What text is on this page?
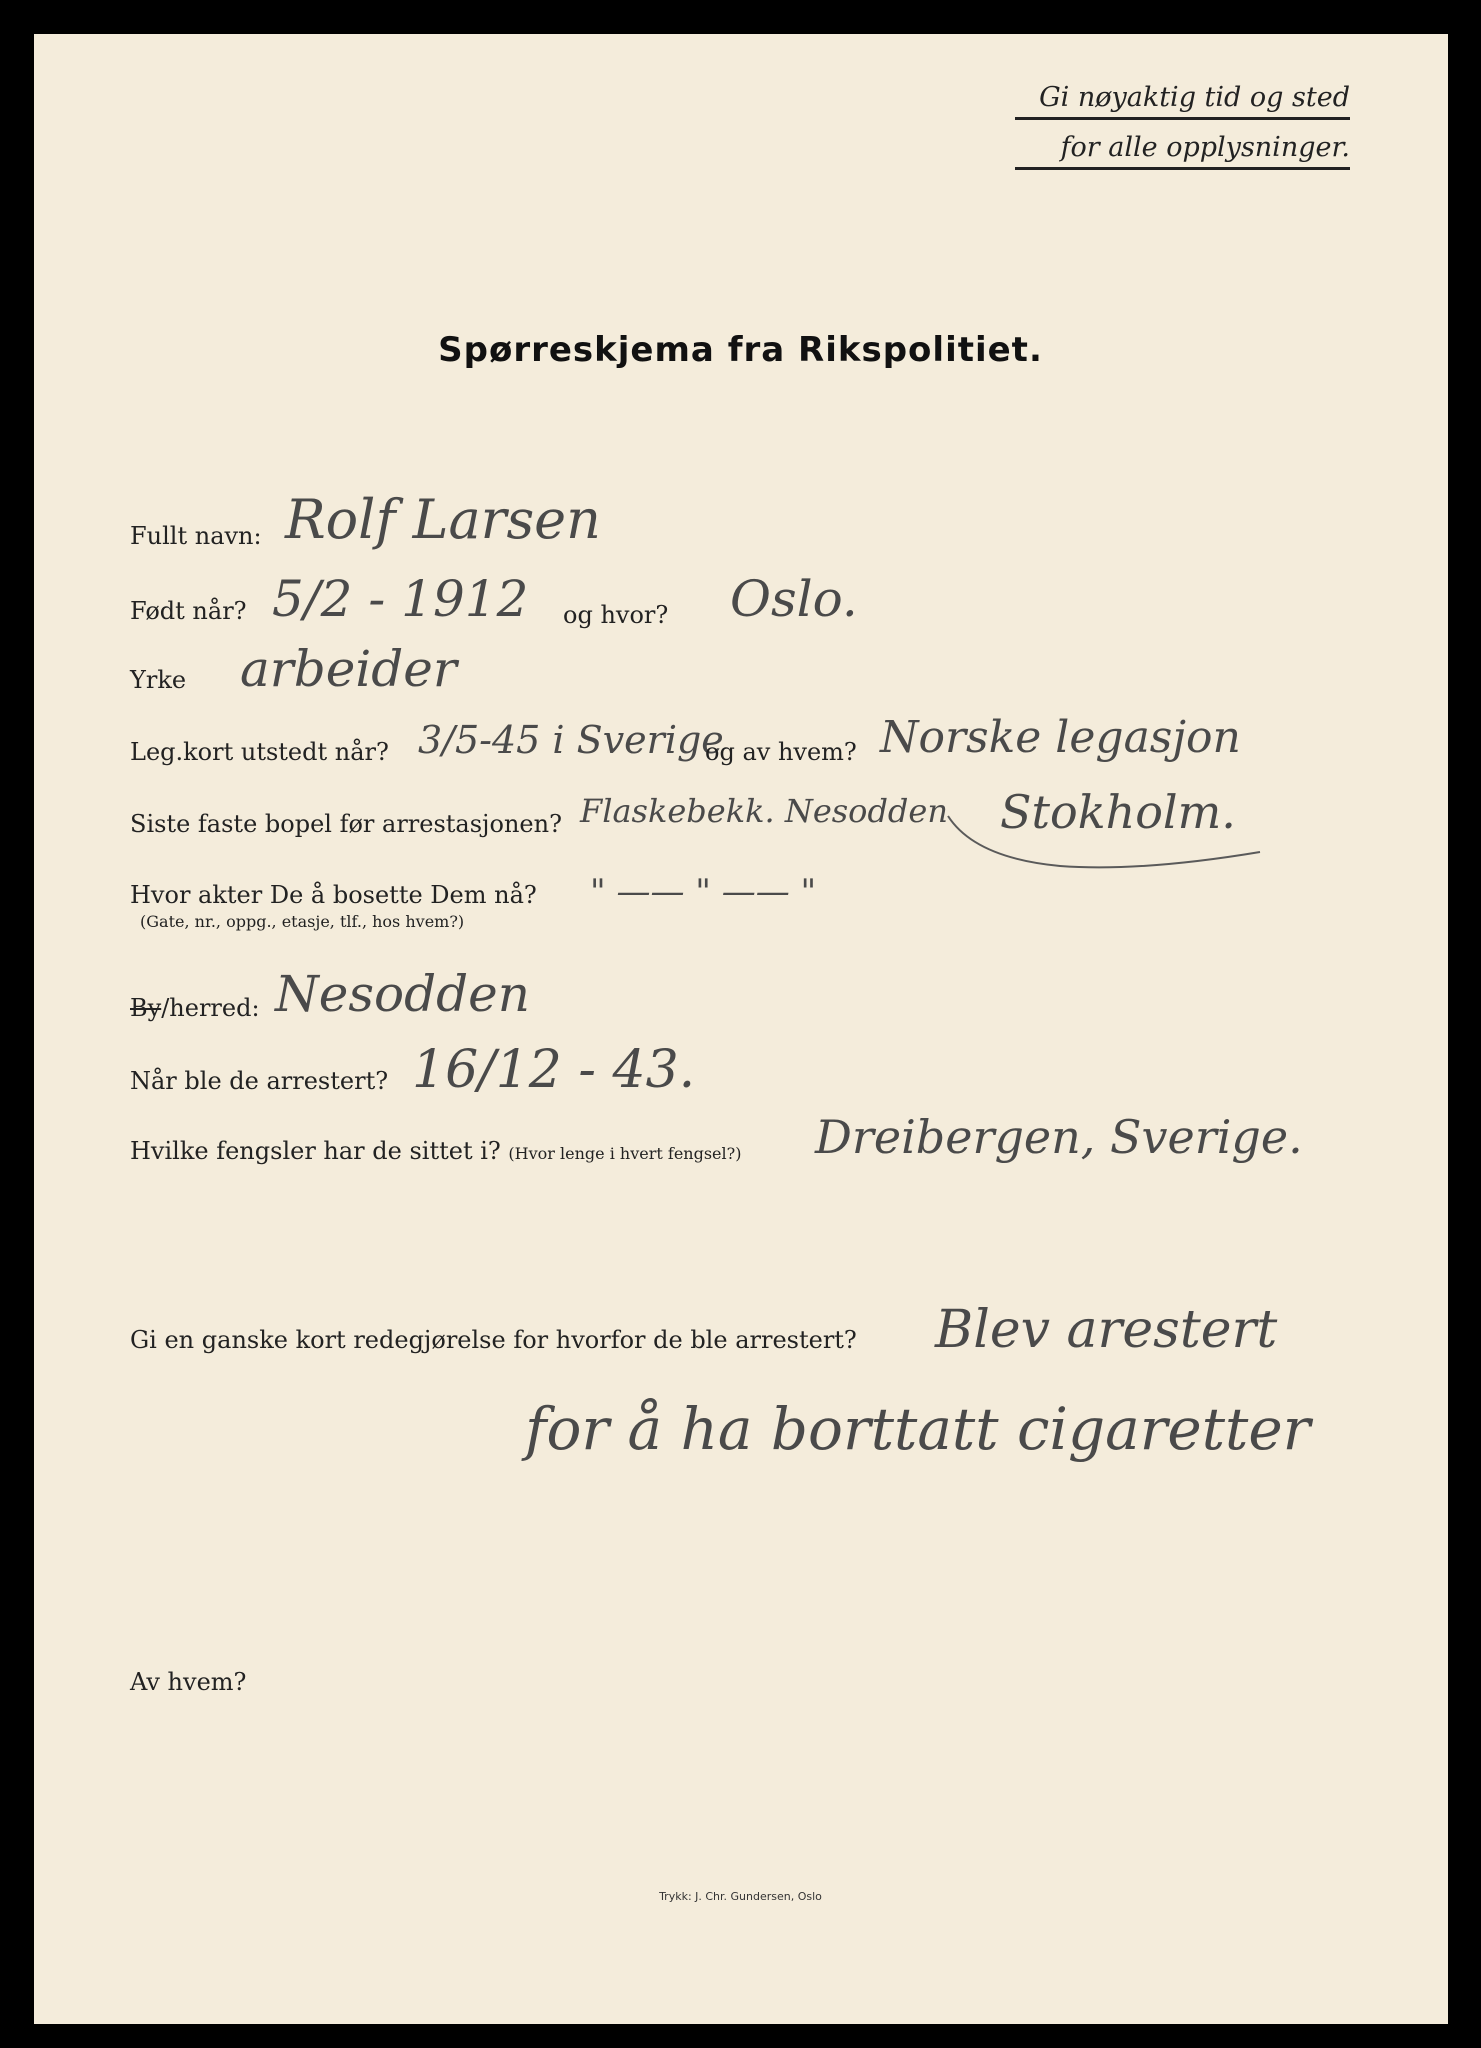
Gi nøyaktig tid og sted
for alle opplysninger.
Spørreskjema fra Rikspolitiet.
Fullt navn: Rolf Larsen
Født når? 5/2 - 1912 og hvor? Oslo.
Yrke arbeider
Leg.kort utstedt når? 3/5-45 i Sverige
og av hvem? Norske legasjon
Siste faste bopel før arrestasjonen? Flaskebekk. Nesodden Stokholm.
Hvor akter De å bosette Dem nå?
(Gate, nr., oppg., etasje, tlf., hos hvem?)
" —— " —— "
By/herred: Nesodden
Når ble de arrestert? 16/12 - 43.
Hvilke fengsler har de sittet i? (Hvor lenge i hvert fengsel?) Dreibergen, Sverige.
Gi en ganske kort redegjørelse for hvorfor de ble arrestert? Blev arestert
for å ha borttatt cigaretter
Av hvem?
Trykk: J. Chr. Gundersen, Oslo
